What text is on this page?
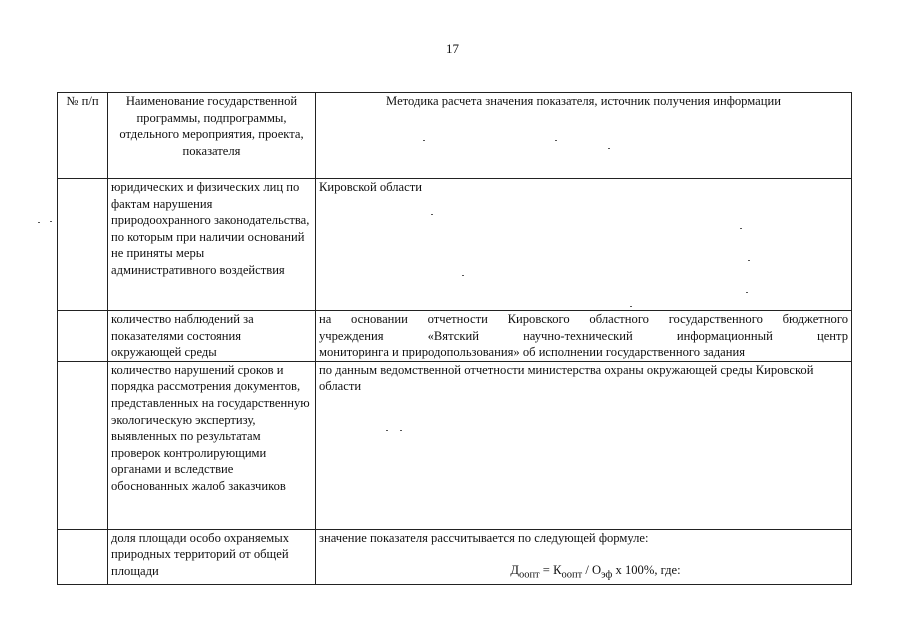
17
№ п/п	Наименование государственной программы, подпрограммы, отдельного мероприятия, проекта, показателя	Методика расчета значения показателя, источник получения информации
	юридических и физических лиц по фактам нарушения природоохранного законодательства, по которым при наличии оснований не приняты меры административного воздействия	Кировской области
	количество наблюдений за показателями состояния окружающей среды	на основании отчетности Кировского областного государственного бюджетного
учреждения «Вятский научно-технический информационный центр
мониторинга и природопользования» об исполнении государственного задания

	количество нарушений сроков и порядка рассмотрения документов, представленных на государственную экологическую экспертизу, выявленных по результатам проверок контролирующими органами и вследствие обоснованных жалоб заказчиков	по данным ведомственной отчетности министерства охраны окружающей среды Кировской области
	доля площади особо охраняемых природных территорий от общей площади	значение показателя рассчитывается по следующей формуле:
$Д_{оопт} = К_{оопт} / О_{эф}$ х 100%, где:
